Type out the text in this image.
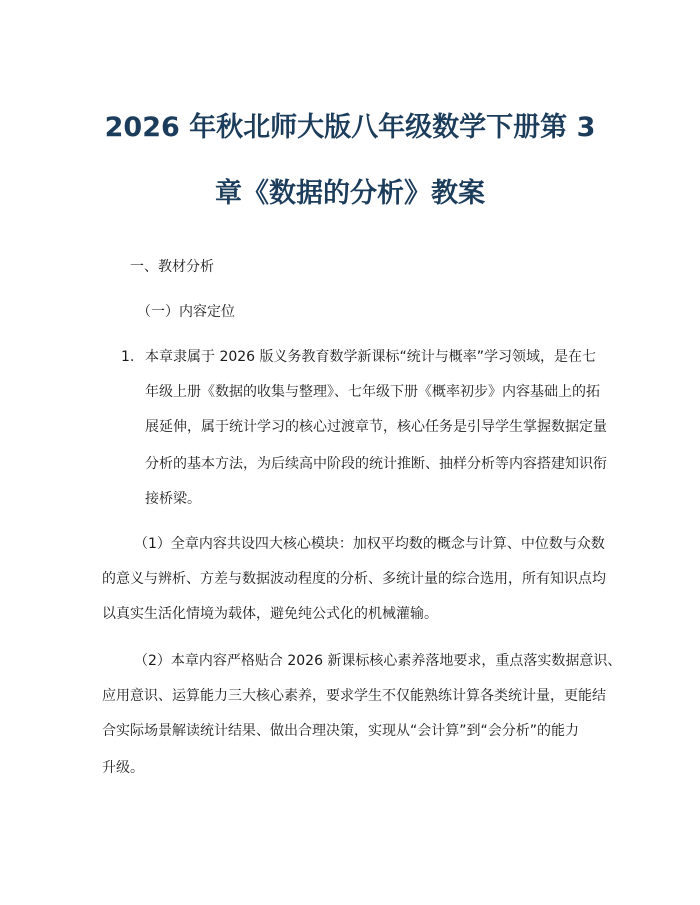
2026 年秋北师大版八年级数学下册第 3
章《数据的分析》教案

一、教材分析

（一）内容定位

1. 本章隶属于 2026 版义务教育数学新课标“统计与概率”学习领域，是在七

年级上册《数据的收集与整理》、七年级下册《概率初步》内容基础上的拓

展延伸，属于统计学习的核心过渡章节，核心任务是引导学生掌握数据定量

分析的基本方法，为后续高中阶段的统计推断、抽样分析等内容搭建知识衔

接桥梁。

（1）全章内容共设四大核心模块：加权平均数的概念与计算、中位数与众数

的意义与辨析、方差与数据波动程度的分析、多统计量的综合选用，所有知识点均

以真实生活化情境为载体，避免纯公式化的机械灌输。

（2）本章内容严格贴合 2026 新课标核心素养落地要求，重点落实数据意识、

应用意识、运算能力三大核心素养，要求学生不仅能熟练计算各类统计量，更能结

合实际场景解读统计结果、做出合理决策，实现从“会计算”到“会分析”的能力

升级。
